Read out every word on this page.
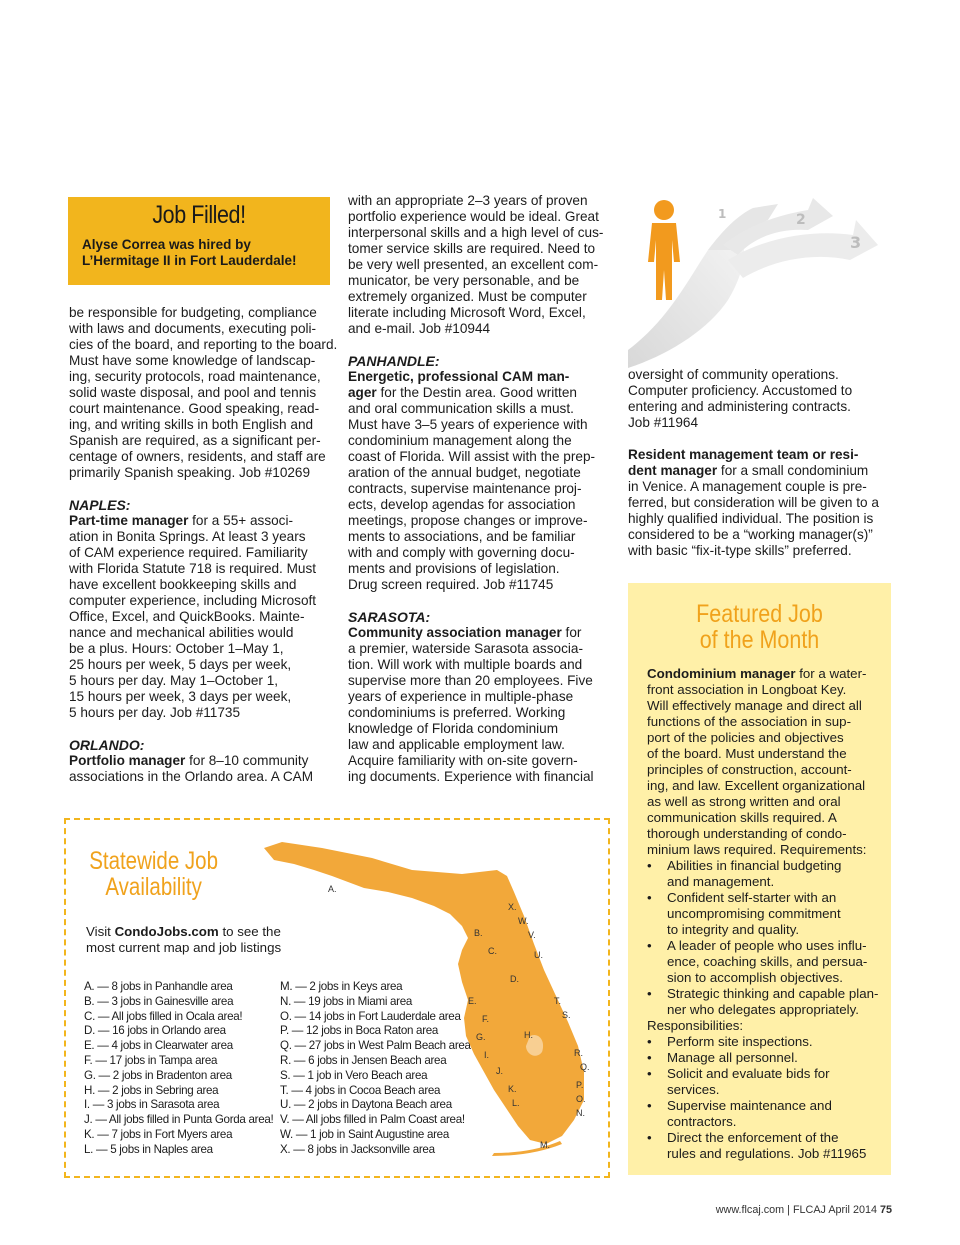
Job Filled!
Alyse Correa was hired by
L’Hermitage II in Fort Lauderdale!

be responsible for budgeting, compliance

with laws and documents, executing poli-

cies of the board, and reporting to the board.

Must have some knowledge of landscap-

ing, security protocols, road maintenance,

solid waste disposal, and pool and tennis

court maintenance. Good speaking, read-

ing, and writing skills in both English and

Spanish are required, as a significant per-

centage of owners, residents, and staff are

primarily Spanish speaking. Job #10269

NAPLES:

Part-time manager for a 55+ associ-

ation in Bonita Springs. At least 3 years

of CAM experience required. Familiarity

with Florida Statute 718 is required. Must

have excellent bookkeeping skills and

computer experience, including Microsoft

Office, Excel, and QuickBooks. Mainte-

nance and mechanical abilities would

be a plus. Hours: October 1–May 1,

25 hours per week, 5 days per week,

5 hours per day. May 1–October 1,

15 hours per week, 3 days per week,

5 hours per day. Job #11735

ORLANDO:

Portfolio manager for 8–10 community

associations in the Orlando area. A CAM

with an appropriate 2–3 years of proven

portfolio experience would be ideal. Great

interpersonal skills and a high level of cus-

tomer service skills are required. Need to

be very well presented, an excellent com-

municator, be very personable, and be

extremely organized. Must be computer

literate including Microsoft Word, Excel,

and e-mail. Job #10944

PANHANDLE:

Energetic, professional CAM man-

ager for the Destin area. Good written

and oral communication skills a must.

Must have 3–5 years of experience with

condominium management along the

coast of Florida. Will assist with the prep-

aration of the annual budget, negotiate

contracts, supervise maintenance proj-

ects, develop agendas for association

meetings, propose changes or improve-

ments to associations, and be familiar

with and comply with governing docu-

ments and provisions of legislation.

Drug screen required. Job #11745

SARASOTA:

Community association manager for

a premier, waterside Sarasota associa-

tion. Will work with multiple boards and

supervise more than 20 employees. Five

years of experience in multiple-phase

condominiums is preferred. Working

knowledge of Florida condominium

law and applicable employment law.

Acquire familiarity with on-site govern-

ing documents. Experience with financial

1	2
3

oversight of community operations.

Computer proficiency. Accustomed to

entering and administering contracts.

Job #11964

Resident management team or resi-

dent manager for a small condominium

in Venice. A management couple is pre-

ferred, but consideration will be given to a

highly qualified individual. The position is

considered to be a “working manager(s)”

with basic “fix-it-type skills” preferred.

Featured Job
of the Month

Condominium manager for a water-

front association in Longboat Key.

Will effectively manage and direct all

functions of the association in sup-

port of the policies and objectives

of the board. Must understand the

principles of construction, account-

ing, and law. Excellent organizational

as well as strong written and oral

communication skills required. A

thorough understanding of condo-

minium laws required. Requirements:

• Abilities in financial budgeting
and management.
• Confident self-starter with an
uncompromising commitment
to integrity and quality.
• A leader of people who uses influ-
ence, coaching skills, and persua-
sion to accomplish objectives.
• Strategic thinking and capable plan-
ner who delegates appropriately.

Responsibilities:

• Perform site inspections.
• Manage all personnel.
• Solicit and evaluate bids for
services.
• Supervise maintenance and
contractors.
• Direct the enforcement of the
rules and regulations. Job #11965
Statewide Job
Availability
Visit CondoJobs.com to see the
most current map and job listings
A. — 8 jobs in Panhandle area
B. — 3 jobs in Gainesville area
C. — All jobs filled in Ocala area!
D. — 16 jobs in Orlando area
E. — 4 jobs in Clearwater area
F. — 17 jobs in Tampa area
G. — 2 jobs in Bradenton area
H. — 2 jobs in Sebring area
I. — 3 jobs in Sarasota area
J. — All jobs filled in Punta Gorda area!
K. — 7 jobs in Fort Myers area
L. — 5 jobs in Naples area
M. — 2 jobs in Keys area
N. — 19 jobs in Miami area
O. — 14 jobs in Fort Lauderdale area
P. — 12 jobs in Boca Raton area
Q. — 27 jobs in West Palm Beach area
R. — 6 jobs in Jensen Beach area
S. — 1 job in Vero Beach area
T. — 4 jobs in Cocoa Beach area
U. — 2 jobs in Daytona Beach area
V. — All jobs filled in Palm Coast area!
W. — 1 job in Saint Augustine area
X. — 8 jobs in Jacksonville area
A.
B.
C.
D.
E.
F.
G.	H.
I.
J.
K.
L.
M.
N.
O.
P.
Q.
R.
S.
T.
U.
V.
W.
X.
www.flcaj.com | FLCAJ April 2014 75
